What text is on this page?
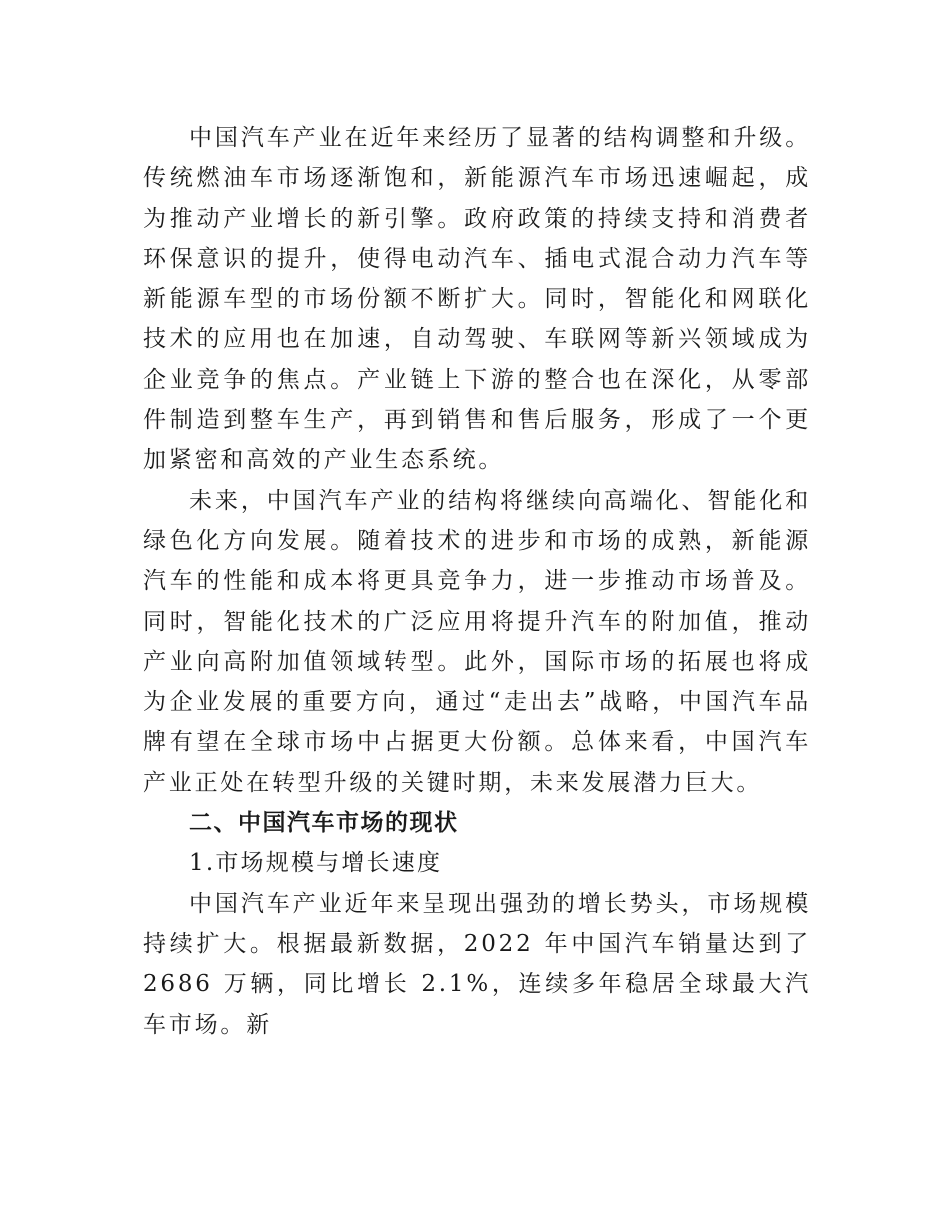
中国汽车产业在近年来经历了显著的结构调整和升级。传统燃油车市场逐渐饱和，新能源汽车市场迅速崛起，成为推动产业增长的新引擎。政府政策的持续支持和消费者环保意识的提升，使得电动汽车、插电式混合动力汽车等新能源车型的市场份额不断扩大。同时，智能化和网联化技术的应用也在加速，自动驾驶、车联网等新兴领域成为企业竞争的焦点。产业链上下游的整合也在深化，从零部件制造到整车生产，再到销售和售后服务，形成了一个更加紧密和高效的产业生态系统。

未来，中国汽车产业的结构将继续向高端化、智能化和绿色化方向发展。随着技术的进步和市场的成熟，新能源汽车的性能和成本将更具竞争力，进一步推动市场普及。同时，智能化技术的广泛应用将提升汽车的附加值，推动产业向高附加值领域转型。此外，国际市场的拓展也将成为企业发展的重要方向，通过“走出去”战略，中国汽车品牌有望在全球市场中占据更大份额。总体来看，中国汽车产业正处在转型升级的关键时期，未来发展潜力巨大。

二、中国汽车市场的现状

1.市场规模与增长速度

中国汽车产业近年来呈现出强劲的增长势头，市场规模持续扩大。根据最新数据，2022 年中国汽车销量达到了 2686 万辆，同比增长 2.1%，连续多年稳居全球最大汽车市场。新
